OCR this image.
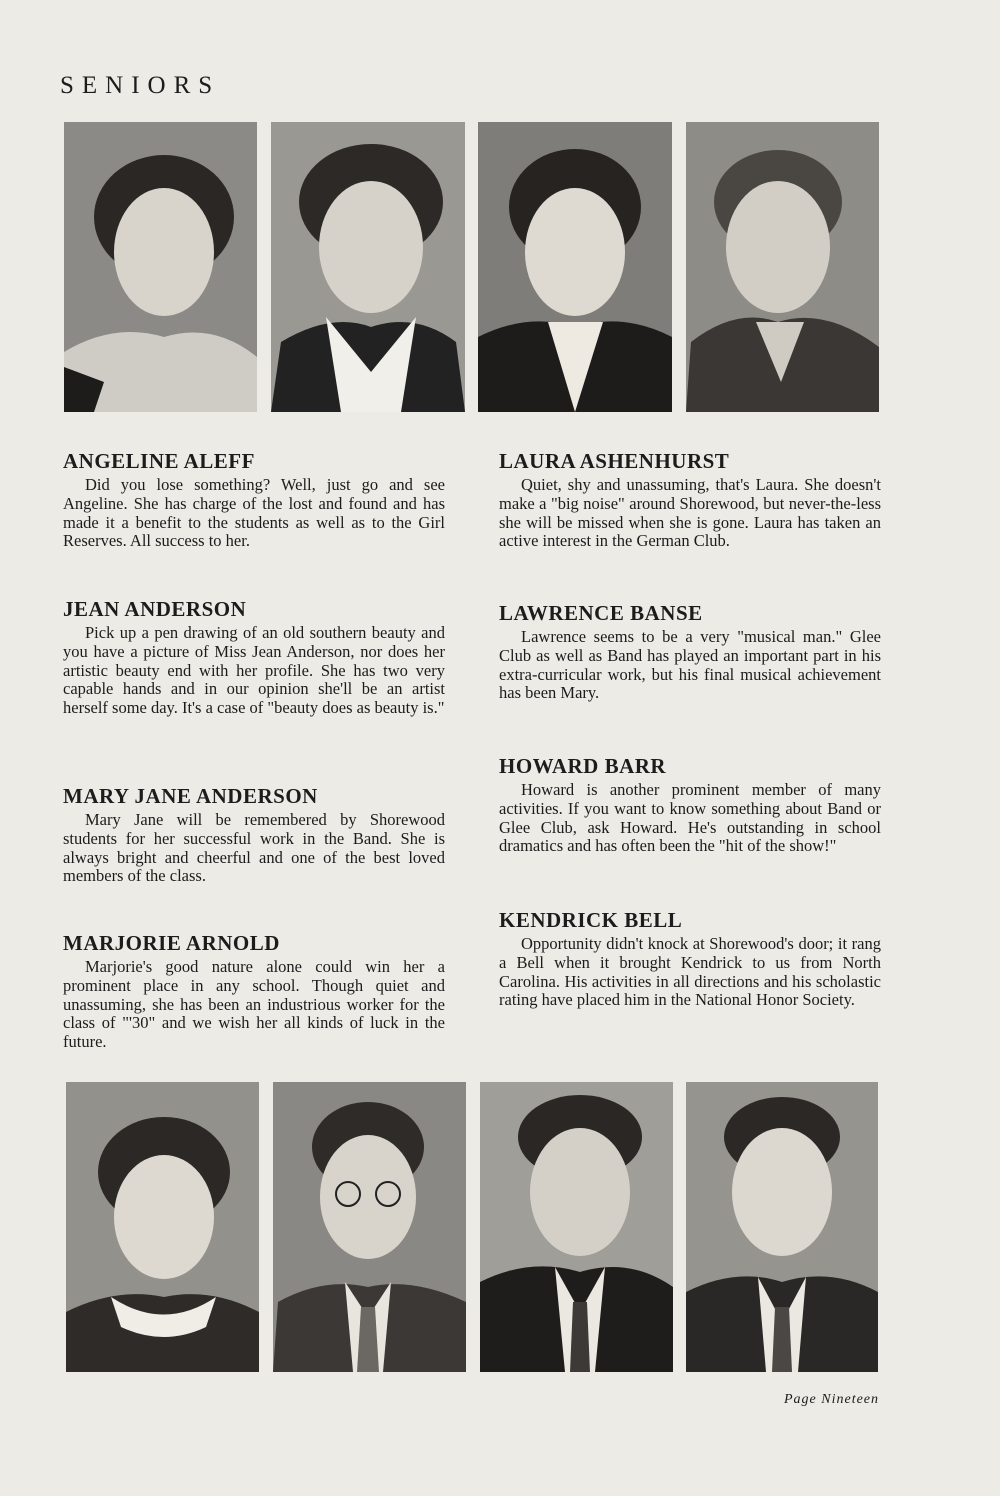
SENIORS
ANGELINE ALEFF

Did you lose something? Well, just go and see Angeline. She has charge of the lost and found and has made it a benefit to the students as well as to the Girl Reserves. All success to her.

JEAN ANDERSON

Pick up a pen drawing of an old southern beauty and you have a picture of Miss Jean Anderson, nor does her artistic beauty end with her profile. She has two very capable hands and in our opinion she'll be an artist herself some day. It's a case of "beauty does as beauty is."

MARY JANE ANDERSON

Mary Jane will be remembered by Shorewood students for her successful work in the Band. She is always bright and cheerful and one of the best loved members of the class.

MARJORIE ARNOLD

Marjorie's good nature alone could win her a prominent place in any school. Though quiet and unassuming, she has been an industrious worker for the class of "'30" and we wish her all kinds of luck in the future.

LAURA ASHENHURST

Quiet, shy and unassuming, that's Laura. She doesn't make a "big noise" around Shorewood, but never-the-less she will be missed when she is gone. Laura has taken an active interest in the German Club.

LAWRENCE BANSE

Lawrence seems to be a very "musical man." Glee Club as well as Band has played an important part in his extra-curricular work, but his final musical achievement has been Mary.

HOWARD BARR

Howard is another prominent member of many activities. If you want to know something about Band or Glee Club, ask Howard. He's outstanding in school dramatics and has often been the "hit of the show!"

KENDRICK BELL

Opportunity didn't knock at Shorewood's door; it rang a Bell when it brought Kendrick to us from North Carolina. His activities in all directions and his scholastic rating have placed him in the National Honor Society.

Page Nineteen
